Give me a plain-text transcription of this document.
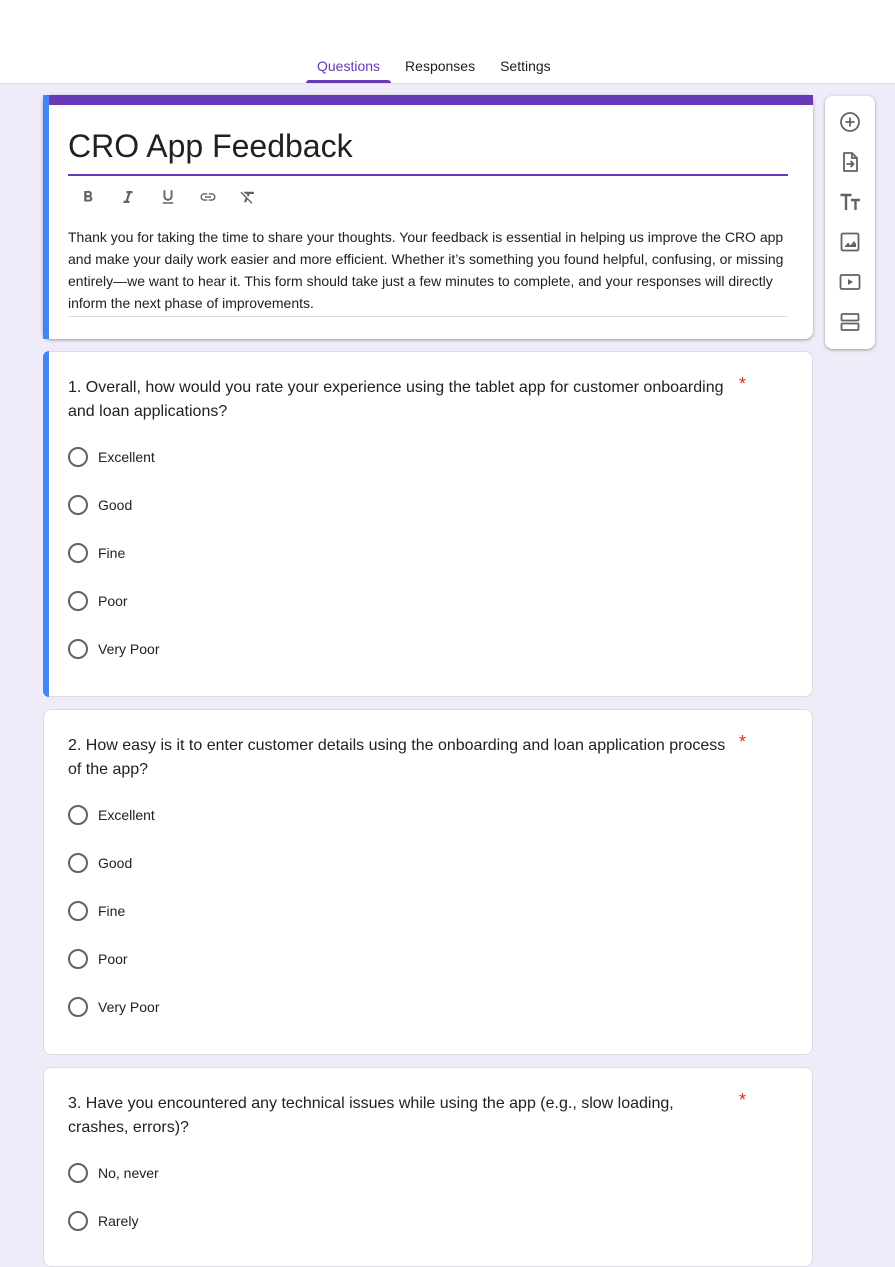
Questions	Responses	Settings
CRO App Feedback
Thank you for taking the time to share your thoughts. Your feedback is essential in helping us improve the CRO app and make your daily work easier and more efficient. Whether it’s something you found helpful, confusing, or missing entirely—we want to hear it. This form should take just a few minutes to complete, and your responses will directly inform the next phase of improvements.
1. Overall, how would you rate your experience using the tablet app for customer onboarding and loan applications?
*
Excellent
Good
Fine
Poor
Very Poor
2. How easy is it to enter customer details using the onboarding and loan application process of the app?
*
Excellent
Good
Fine
Poor
Very Poor
3. Have you encountered any technical issues while using the app (e.g., slow loading, crashes, errors)?
*
No, never
Rarely
